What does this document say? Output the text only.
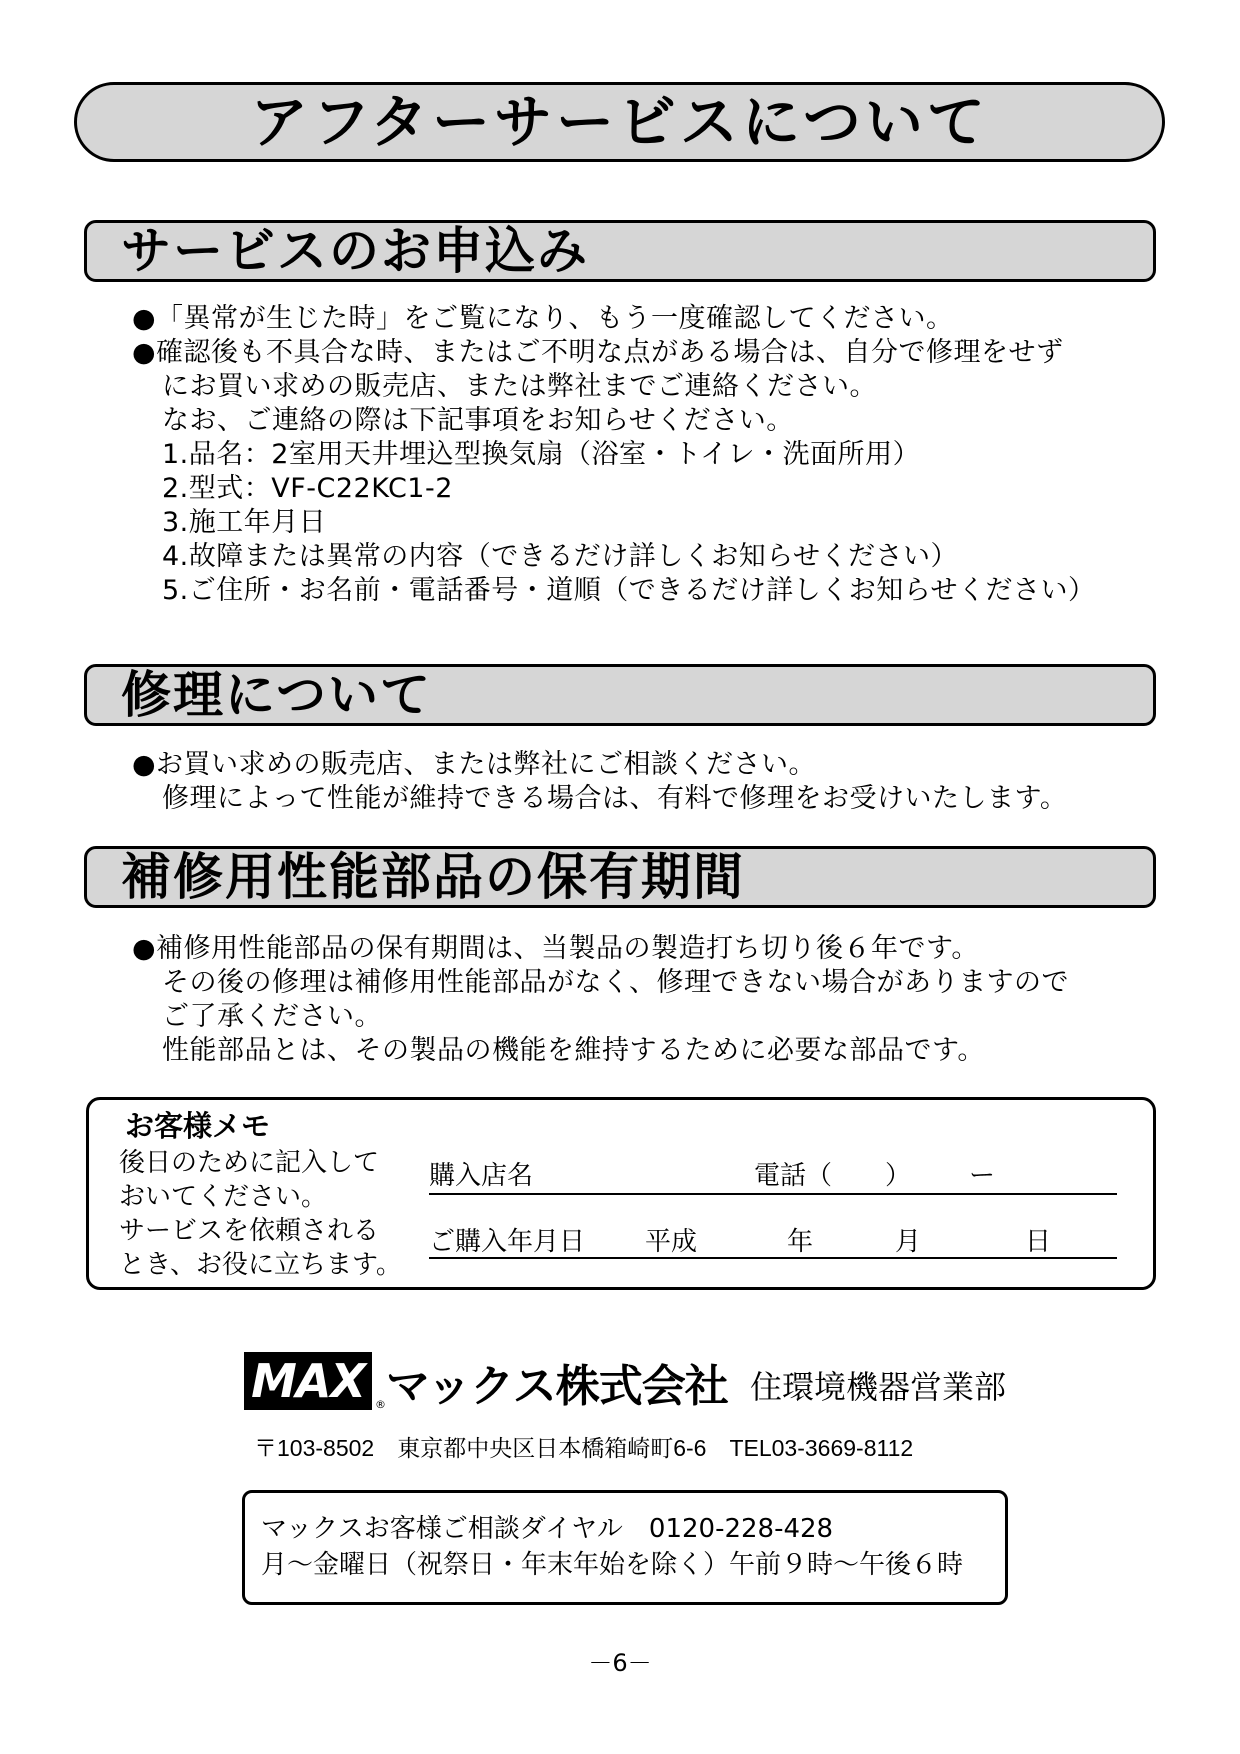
アフターサービスについて
サービスのお申込み
●「異常が生じた時」をご覧になり、もう一度確認してください。
●確認後も不具合な時、またはご不明な点がある場合は、自分で修理をせず
にお買い求めの販売店、または弊社までご連絡ください。
なお、ご連絡の際は下記事項をお知らせください。
1.品名：2室用天井埋込型換気扇（浴室・トイレ・洗面所用）
2.型式：VF-C22KC1-2
3.施工年月日
4.故障または異常の内容（できるだけ詳しくお知らせください）
5.ご住所・お名前・電話番号・道順（できるだけ詳しくお知らせください）
修理について
●お買い求めの販売店、または弊社にご相談ください。
修理によって性能が維持できる場合は、有料で修理をお受けいたします。
補修用性能部品の保有期間
●補修用性能部品の保有期間は、当製品の製造打ち切り後６年です。
その後の修理は補修用性能部品がなく、修理できない場合がありますので
ご了承ください。
性能部品とは、その製品の機能を維持するために必要な部品です。
お客様メモ
後日のために記入して
おいてください。
サービスを依頼される
とき、お役に立ちます。
購入店名	電話（ ） ー
ご購入年月日 平成	年	月	日
MAX ® マックス株式会社 住環境機器営業部
〒103-8502　東京都中央区日本橋箱崎町6-6　TEL03-3669-8112
マックスお客様ご相談ダイヤル　0120-228-428
月～金曜日（祝祭日・年末年始を除く）午前９時～午後６時
－6－
